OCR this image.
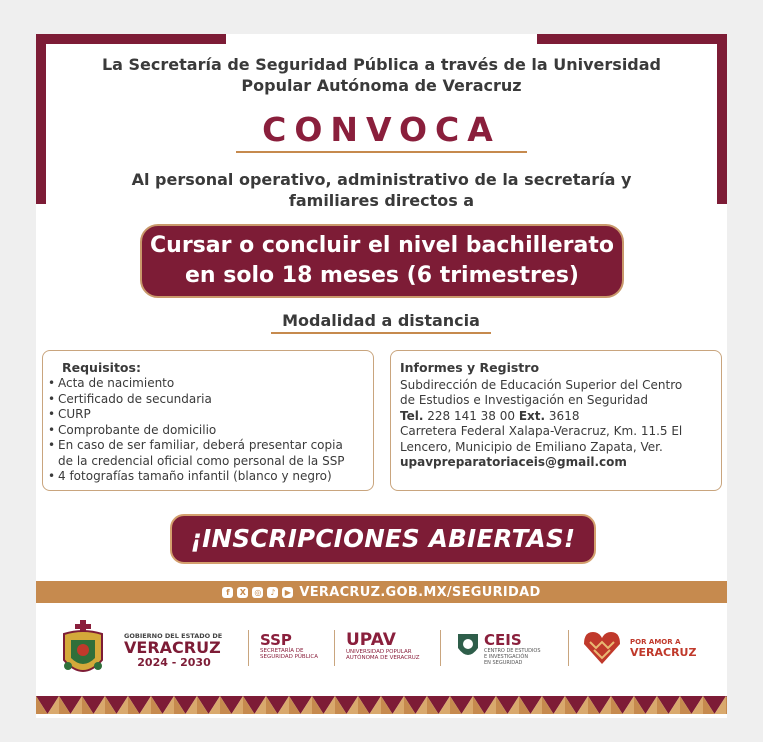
La Secretaría de Seguridad Pública a través de la Universidad
Popular Autónoma de Veracruz
CONVOCA
Al personal operativo, administrativo de la secretaría y
familiares directos a
Cursar o concluir el nivel bachillerato
en solo 18 meses (6 trimestres)
Modalidad a distancia
Requisitos:
• Acta de nacimiento
• Certificado de secundaria
• CURP
• Comprobante de domicilio
• En caso de ser familiar, deberá presentar copia
de la credencial oficial como personal de la SSP
• 4 fotografías tamaño infantil (blanco y negro)
Informes y Registro
Subdirección de Educación Superior del Centro
de Estudios e Investigación en Seguridad
Tel. 228 141 38 00 Ext. 3618
Carretera Federal Xalapa-Veracruz, Km. 11.5 El
Lencero, Municipio de Emiliano Zapata, Ver.
upavpreparatoriaceis@gmail.com
¡INSCRIPCIONES ABIERTAS!
f	X	◎	♪	▶ VERACRUZ.GOB.MX/SEGURIDAD
GOBIERNO DEL ESTADO DE
VERACRUZ
2024 - 2030
SSP
SECRETARÍA DE
SEGURIDAD PÚBLICA
UPAV
UNIVERSIDAD POPULAR
AUTÓNOMA DE VERACRUZ
CEIS
CENTRO DE ESTUDIOS
E INVESTIGACIÓN
EN SEGURIDAD
POR AMOR A
VERACRUZ
